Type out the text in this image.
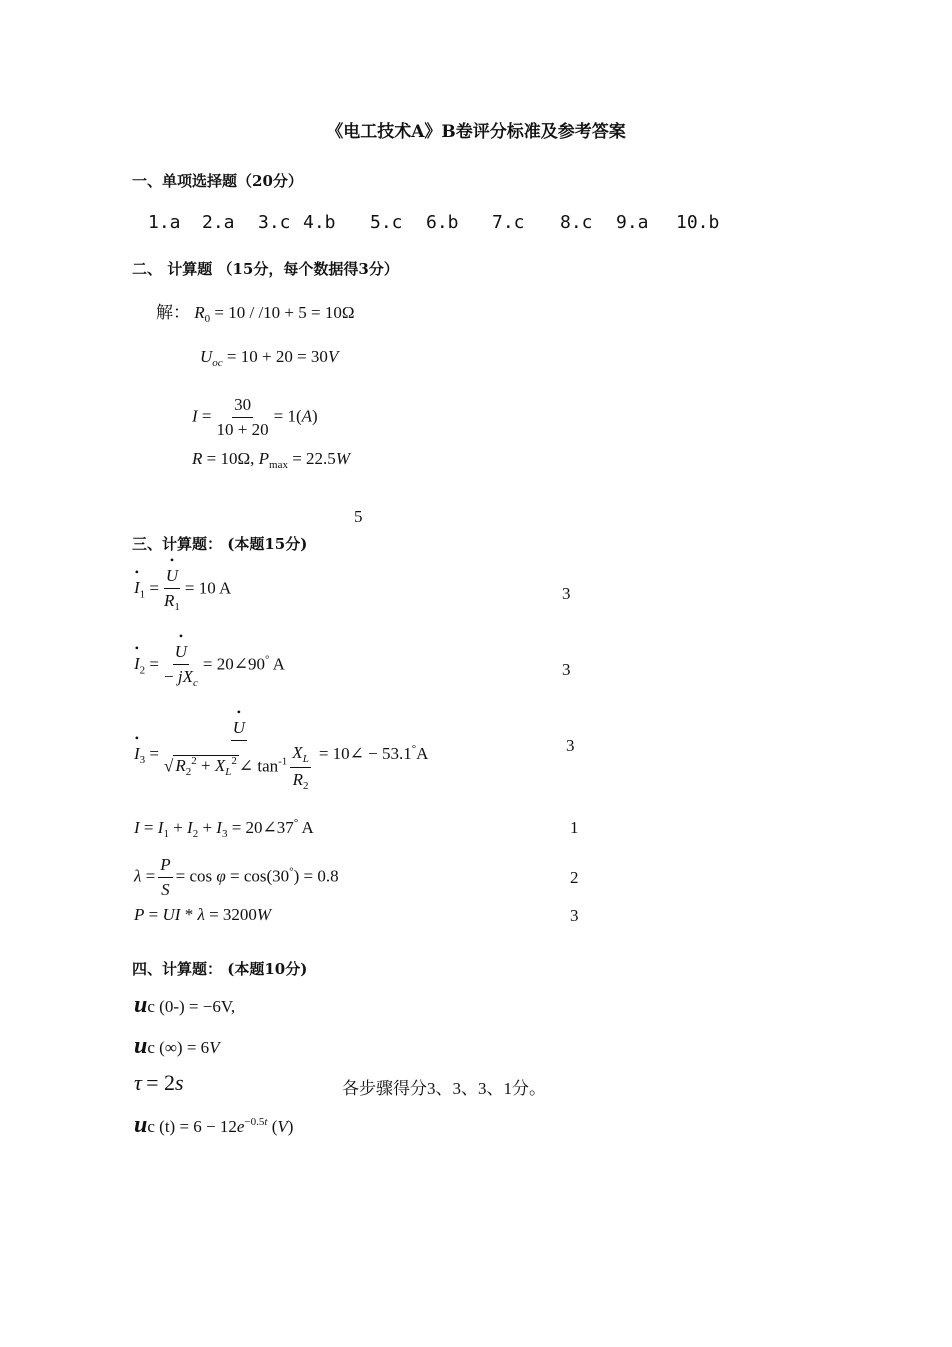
《电工技术A》B卷评分标准及参考答案
一、单项选择题（20分）
1.a 2.a 3.c 4.b 5.c 6.b 7.c 8.c 9.a 10.b
二、 计算题 （15分，每个数据得3分）
解： $R_0 = 10 / /10 + 5 = 10\Omega$
$U_{oc} = 10 + 20 = 30V$
$I = \frac{30}{10 + 20} = 1(A)$
R = 10Ω, $P_{max} = 22.5W$
5
三、计算题： (本题15分)
• $I_1$ = • $\frac{U}{R_1} = 10$ A	3
• $I_2$ = • $\frac{U}{- jX_c}$ = 20∠90° A	3
• $I_3$ = • $\frac{U}{√ R_2^2 + X_L^2 \angle \tan^{-1} \frac{X_L}{R_2}}$ = 10∠ − 53.1°A	3
$I = I_1 + I_2 + I_3$ = 20∠37° A	1
$\lambda = \frac{P}{S} = \cos \varphi = \cos(30^\circ) = 0.8$	2
P = UI * λ = 3200W	3
四、计算题： (本题10分)
uc (0-) = −6V,
uc (∞) = 6V
τ = 2s	各步骤得分3、3、3、1分。
uc $(t) = 6 - 12e^{-0.5t}$ (V)
